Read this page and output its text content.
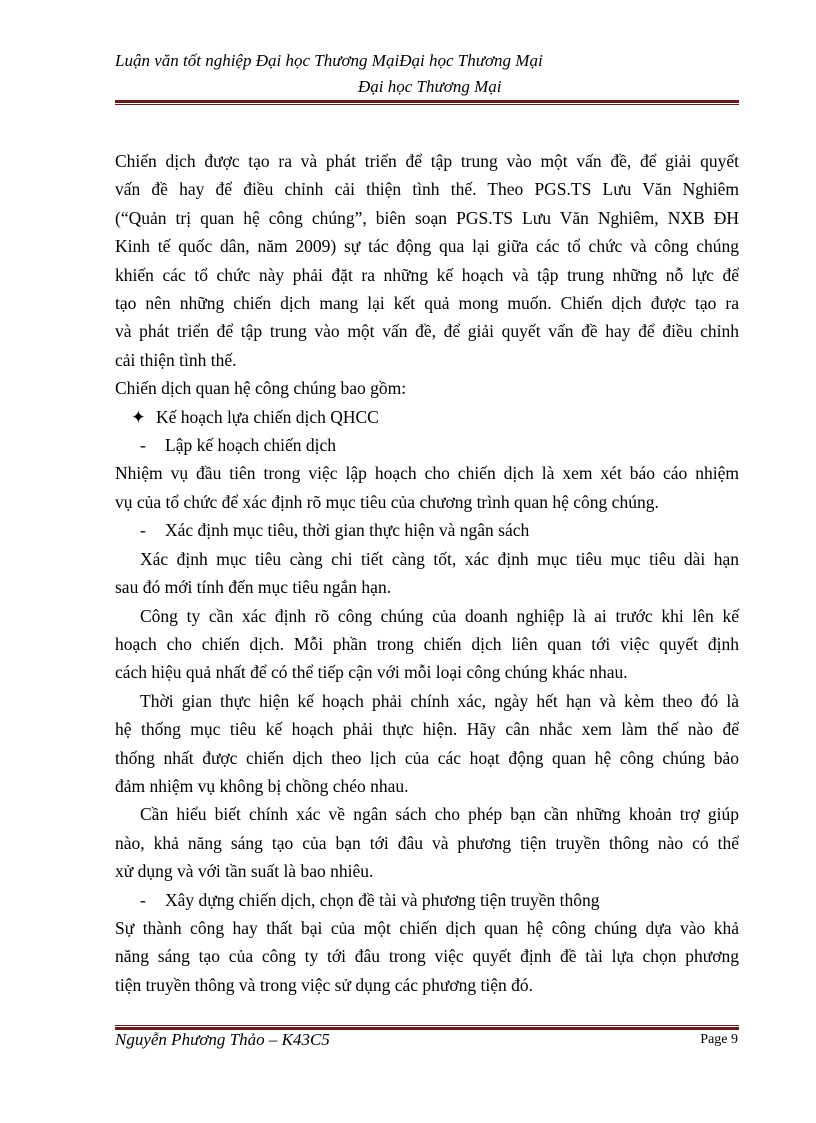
Luận văn tốt nghiệp Đại học Thương MạiĐại học Thương Mại
Đại học Thương Mại

Chiến dịch được tạo ra và phát triển để tập trung vào một vấn đề, để giải quyết
vấn đề hay để điều chỉnh cải thiện tình thế. Theo PGS.TS Lưu Văn Nghiêm
(“Quản trị quan hệ công chúng”, biên soạn PGS.TS Lưu Văn Nghiêm, NXB ĐH
Kinh tế quốc dân, năm 2009) sự tác động qua lại giữa các tổ chức và công chúng
khiến các tổ chức này phải đặt ra những kế hoạch và tập trung những nỗ lực để
tạo nên những chiến dịch mang lại kết quả mong muốn. Chiến dịch được tạo ra
và phát triển để tập trung vào một vấn đề, để giải quyết vấn đề hay để điều chỉnh
cải thiện tình thế.

Chiến dịch quan hệ công chúng bao gồm:

✦ Kế hoạch lựa chiến dịch QHCC
- Lập kế hoạch chiến dịch

Nhiệm vụ đầu tiên trong việc lập hoạch cho chiến dịch là xem xét báo cáo nhiệm
vụ của tổ chức để xác định rõ mục tiêu của chương trình quan hệ công chúng.

- Xác định mục tiêu, thời gian thực hiện và ngân sách

Xác định mục tiêu càng chi tiết càng tốt, xác định mục tiêu mục tiêu dài hạn

sau đó mới tính đến mục tiêu ngắn hạn.

Công ty cần xác định rõ công chúng của doanh nghiệp là ai trước khi lên kế
hoạch cho chiến dịch. Mỗi phần trong chiến dịch liên quan tới việc quyết định
cách hiệu quả nhất để có thể tiếp cận với mỗi loại công chúng khác nhau.

Thời gian thực hiện kế hoạch phải chính xác, ngày hết hạn và kèm theo đó là
hệ thống mục tiêu kế hoạch phải thực hiện. Hãy cân nhắc xem làm thế nào để
thống nhất được chiến dịch theo lịch của các hoạt động quan hệ công chúng bảo
đảm nhiệm vụ không bị chồng chéo nhau.

Cần hiểu biết chính xác về ngân sách cho phép bạn cần những khoản trợ giúp
nào, khả năng sáng tạo của bạn tới đâu và phương tiện truyền thông nào có thể
xử dụng và với tần suất là bao nhiêu.

- Xây dựng chiến dịch, chọn đề tài và phương tiện truyền thông

Sự thành công hay thất bại của một chiến dịch quan hệ công chúng dựa vào khả
năng sáng tạo của công ty tới đâu trong việc quyết định đề tài lựa chọn phương
tiện truyền thông và trong việc sử dụng các phương tiện đó.

Nguyễn Phương Thảo – K43C5	Page 9
